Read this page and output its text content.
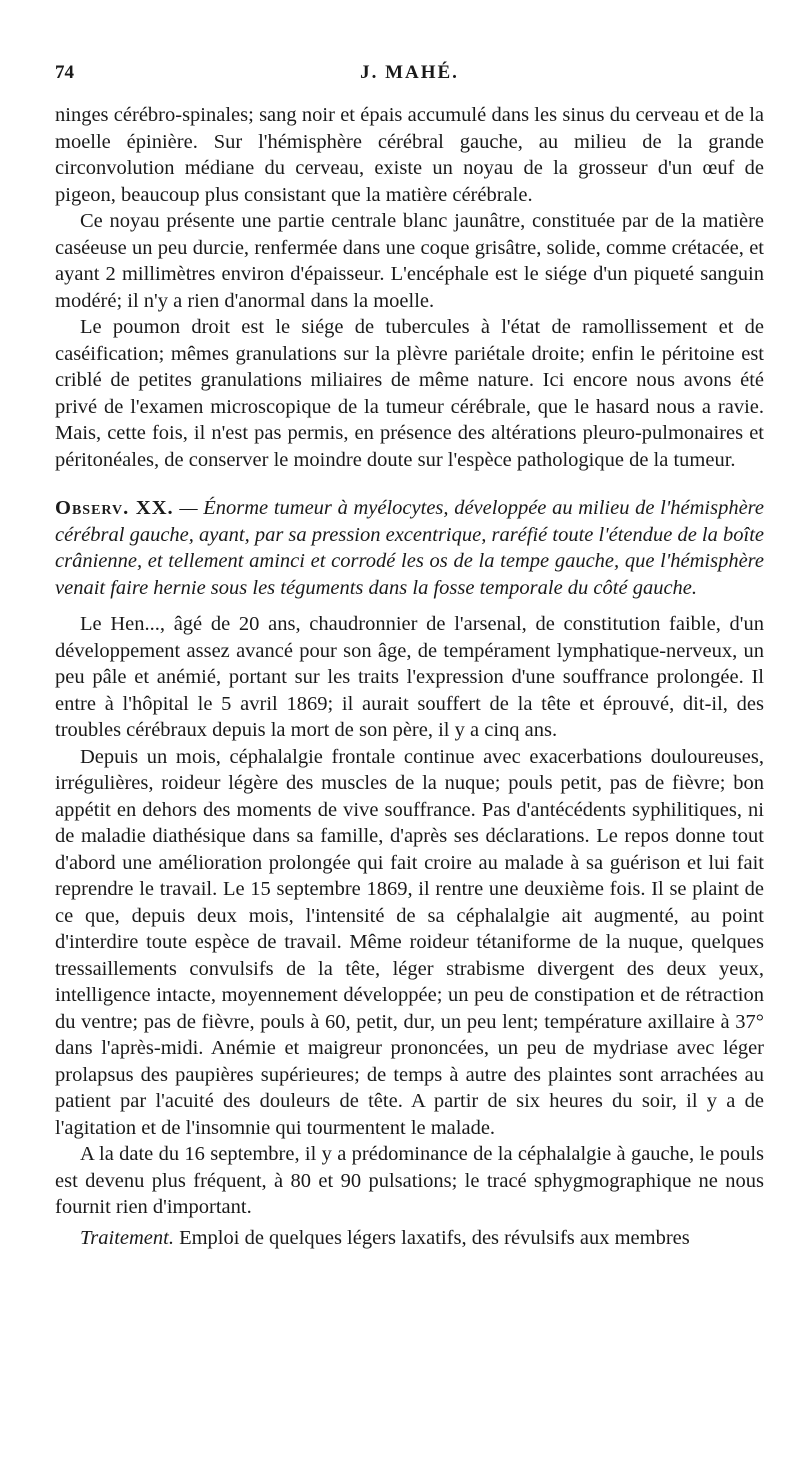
74	J. MAHÉ.

ninges cérébro-spinales; sang noir et épais accumulé dans les sinus du cerveau et de la moelle épinière. Sur l'hémisphère cérébral gauche, au milieu de la grande circonvolution médiane du cerveau, existe un noyau de la grosseur d'un œuf de pigeon, beaucoup plus consistant que la matière cérébrale.

Ce noyau présente une partie centrale blanc jaunâtre, constituée par de la matière caséeuse un peu durcie, renfermée dans une coque grisâtre, solide, comme crétacée, et ayant 2 millimètres environ d'épaisseur. L'encéphale est le siége d'un piqueté sanguin modéré; il n'y a rien d'anormal dans la moelle.

Le poumon droit est le siége de tubercules à l'état de ramollissement et de caséification; mêmes granulations sur la plèvre pariétale droite; enfin le péritoine est criblé de petites granulations miliaires de même nature. Ici encore nous avons été privé de l'examen microscopique de la tumeur cérébrale, que le hasard nous a ravie. Mais, cette fois, il n'est pas permis, en présence des altérations pleuro-pulmonaires et péritonéales, de conserver le moindre doute sur l'espèce pathologique de la tumeur.

Observ. XX. — Énorme tumeur à myélocytes, développée au milieu de l'hémisphère cérébral gauche, ayant, par sa pression excentrique, raréfié toute l'étendue de la boîte crânienne, et tellement aminci et corrodé les os de la tempe gauche, que l'hémisphère venait faire hernie sous les téguments dans la fosse temporale du côté gauche.

Le Hen..., âgé de 20 ans, chaudronnier de l'arsenal, de constitution faible, d'un développement assez avancé pour son âge, de tempérament lymphatique-nerveux, un peu pâle et anémié, portant sur les traits l'expression d'une souffrance prolongée. Il entre à l'hôpital le 5 avril 1869; il aurait souffert de la tête et éprouvé, dit-il, des troubles cérébraux depuis la mort de son père, il y a cinq ans.

Depuis un mois, céphalalgie frontale continue avec exacerbations douloureuses, irrégulières, roideur légère des muscles de la nuque; pouls petit, pas de fièvre; bon appétit en dehors des moments de vive souffrance. Pas d'antécédents syphilitiques, ni de maladie diathésique dans sa famille, d'après ses déclarations. Le repos donne tout d'abord une amélioration prolongée qui fait croire au malade à sa guérison et lui fait reprendre le travail. Le 15 septembre 1869, il rentre une deuxième fois. Il se plaint de ce que, depuis deux mois, l'intensité de sa céphalalgie ait augmenté, au point d'interdire toute espèce de travail. Même roideur tétaniforme de la nuque, quelques tressaillements convulsifs de la tête, léger strabisme divergent des deux yeux, intelligence intacte, moyennement développée; un peu de constipation et de rétraction du ventre; pas de fièvre, pouls à 60, petit, dur, un peu lent; température axillaire à 37° dans l'après-midi. Anémie et maigreur prononcées, un peu de mydriase avec léger prolapsus des paupières supérieures; de temps à autre des plaintes sont arrachées au patient par l'acuité des douleurs de tête. A partir de six heures du soir, il y a de l'agitation et de l'insomnie qui tourmentent le malade.

A la date du 16 septembre, il y a prédominance de la céphalalgie à gauche, le pouls est devenu plus fréquent, à 80 et 90 pulsations; le tracé sphygmographique ne nous fournit rien d'important.

Traitement. Emploi de quelques légers laxatifs, des révulsifs aux membres
